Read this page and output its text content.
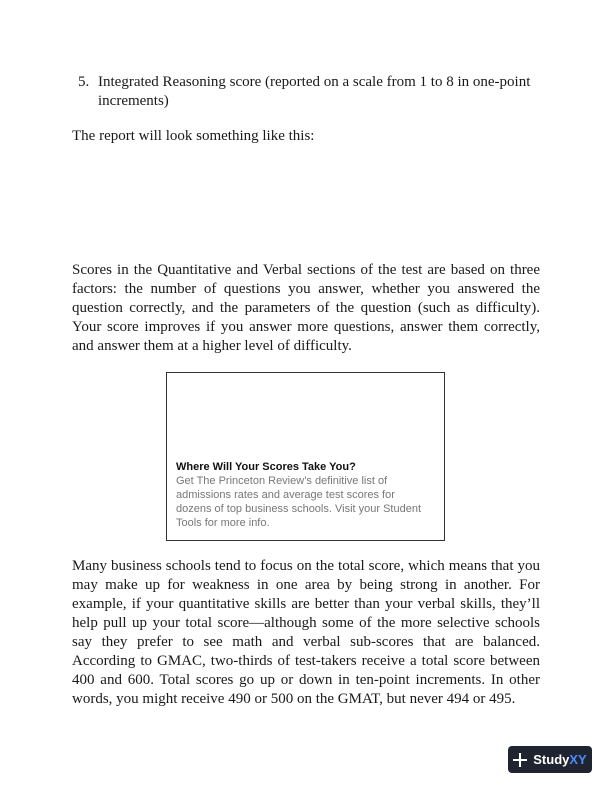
5. Integrated Reasoning score (reported on a scale from 1 to 8 in one-point increments)

The report will look something like this:

Scores in the Quantitative and Verbal sections of the test are based on three factors: the number of questions you answer, whether you answered the question correctly, and the parameters of the question (such as difficulty). Your score improves if you answer more questions, answer them correctly, and answer them at a higher level of difficulty.

Where Will Your Scores Take You?
Get The Princeton Review’s definitive list of admissions rates and average test scores for dozens of top business schools. Visit your Student Tools for more info.

Many business schools tend to focus on the total score, which means that you may make up for weakness in one area by being strong in another. For example, if your quantitative skills are better than your verbal skills, they’ll help pull up your total score—although some of the more selective schools say they prefer to see math and verbal sub-scores that are balanced. According to GMAC, two-thirds of test-takers receive a total score between 400 and 600. Total scores go up or down in ten-point increments. In other words, you might receive 490 or 500 on the GMAT, but never 494 or 495.

Study XY
